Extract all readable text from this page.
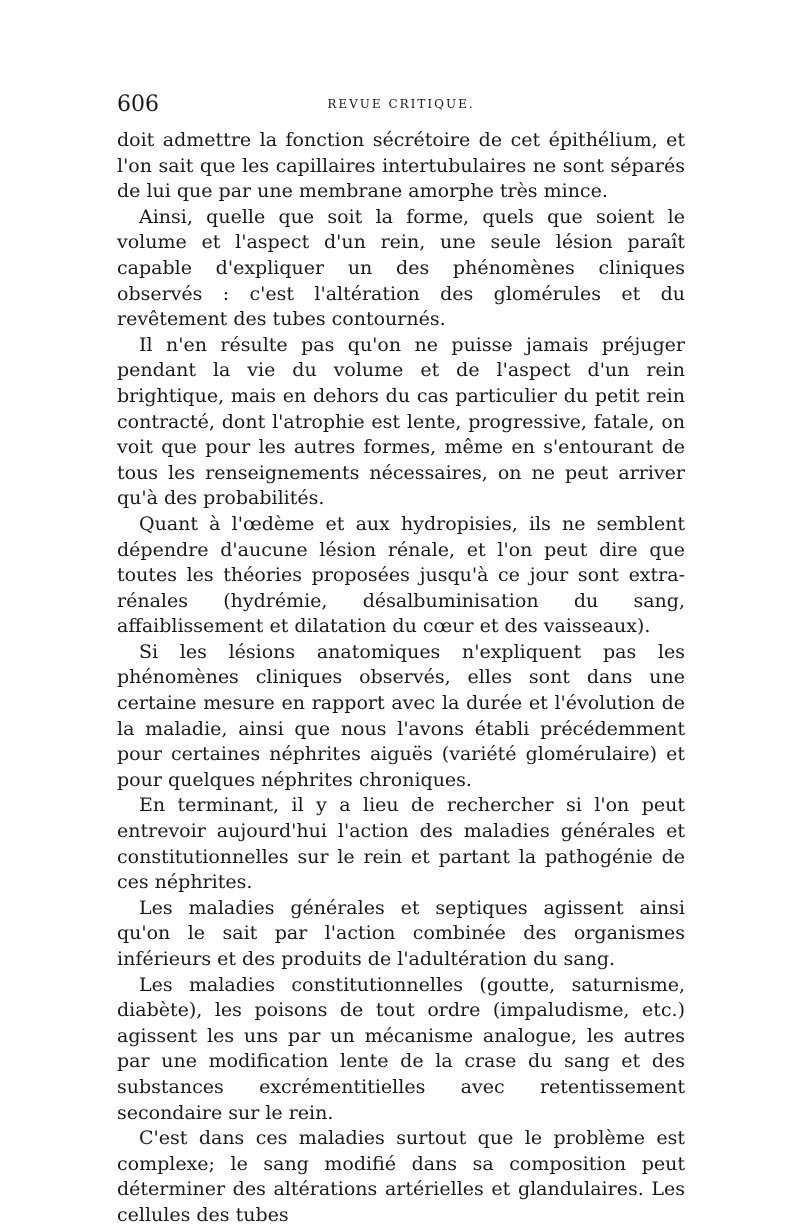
606	REVUE CRITIQUE.

doit admettre la fonction sécrétoire de cet épithélium, et l'on sait que les capillaires intertubulaires ne sont séparés de lui que par une membrane amorphe très mince.

Ainsi, quelle que soit la forme, quels que soient le volume et l'aspect d'un rein, une seule lésion paraît capable d'expliquer un des phénomènes cliniques observés : c'est l'altération des glomérules et du revêtement des tubes contournés.

Il n'en résulte pas qu'on ne puisse jamais préjuger pendant la vie du volume et de l'aspect d'un rein brightique, mais en dehors du cas particulier du petit rein contracté, dont l'atrophie est lente, progressive, fatale, on voit que pour les autres formes, même en s'entourant de tous les renseignements nécessaires, on ne peut arriver qu'à des probabilités.

Quant à l'œdème et aux hydropisies, ils ne semblent dépendre d'aucune lésion rénale, et l'on peut dire que toutes les théories proposées jusqu'à ce jour sont extra-rénales (hydrémie, désalbuminisation du sang, affaiblissement et dilatation du cœur et des vaisseaux).

Si les lésions anatomiques n'expliquent pas les phénomènes cliniques observés, elles sont dans une certaine mesure en rapport avec la durée et l'évolution de la maladie, ainsi que nous l'avons établi précédemment pour certaines néphrites aiguës (variété glomérulaire) et pour quelques néphrites chroniques.

En terminant, il y a lieu de rechercher si l'on peut entrevoir aujourd'hui l'action des maladies générales et constitutionnelles sur le rein et partant la pathogénie de ces néphrites.

Les maladies générales et septiques agissent ainsi qu'on le sait par l'action combinée des organismes inférieurs et des produits de l'adultération du sang.

Les maladies constitutionnelles (goutte, saturnisme, diabète), les poisons de tout ordre (impaludisme, etc.) agissent les uns par un mécanisme analogue, les autres par une modification lente de la crase du sang et des substances excrémentitielles avec retentissement secondaire sur le rein.

C'est dans ces maladies surtout que le problème est complexe; le sang modifié dans sa composition peut déterminer des altérations artérielles et glandulaires. Les cellules des tubes
